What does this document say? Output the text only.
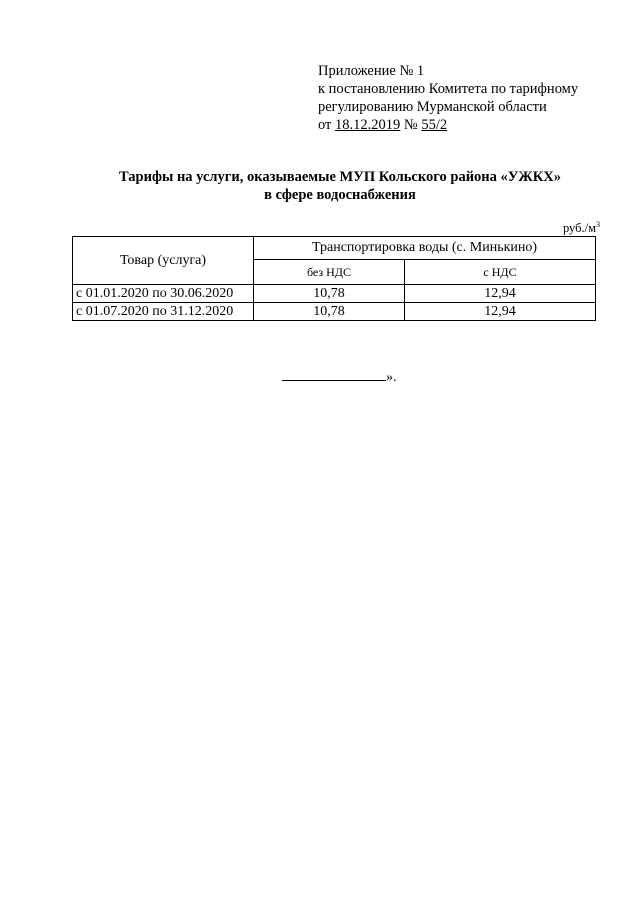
Приложение № 1
к постановлению Комитета по тарифному
регулированию Мурманской области
от 18.12.2019 № 55/2
Тарифы на услуги, оказываемые МУП Кольского района «УЖКХ»
в сфере водоснабжения
$руб./м^3$
Товар (услуга)	Транспортировка воды (с. Минькино)	
	без НДС	с НДС
с 01.01.2020 по 30.06.2020	10,78	12,94
с 01.07.2020 по 31.12.2020	10,78	12,94
».
